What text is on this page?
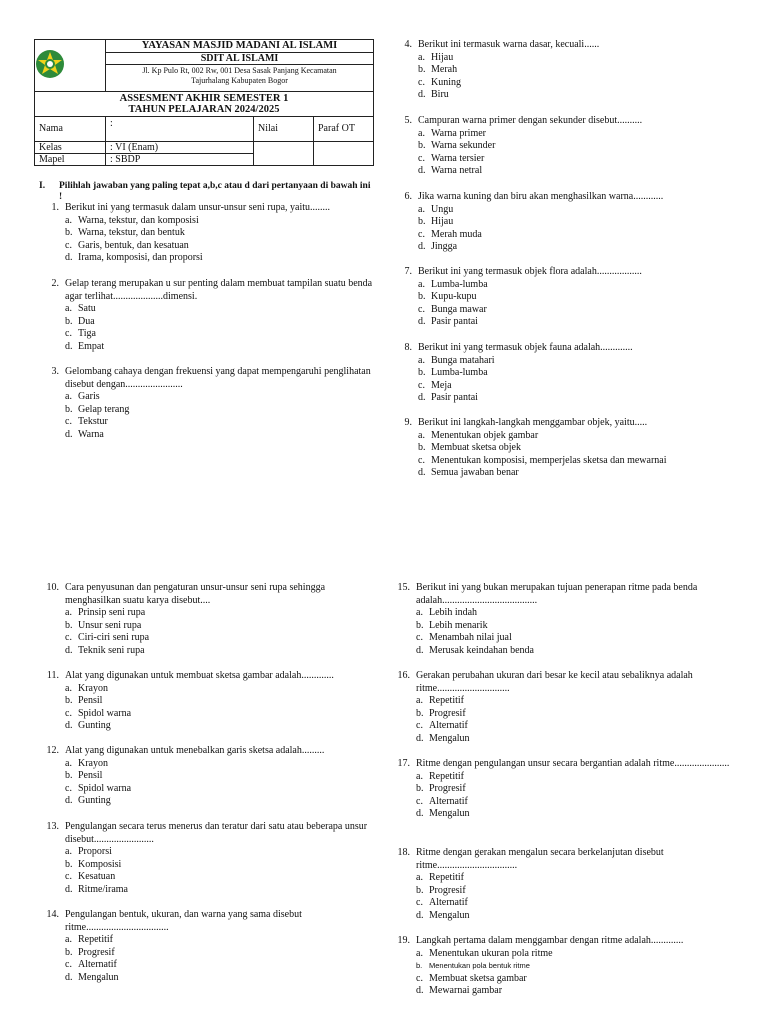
YAYASAN MASJID MADANI AL ISLAMI
SDIT AL ISLAMI
Jl. Kp Pulo Rt, 002 Rw, 001 Desa Sasak Panjang Kecamatan
Tajurhalang Kabupaten Bogor		

ASSESMENT AKHIR SEMESTER 1
TAHUN PELAJARAN 2024/2025			

Nama	:	Nilai	Paraf OT
Kelas	: VI (Enam)		
Mapel	: SBDP		
I. Pilihlah jawaban yang paling tepat a,b,c atau d dari pertanyaan di bawah ini !
1. Berikut ini yang termasuk dalam unsur-unsur seni rupa, yaitu........
a. Warna, tekstur, dan komposisi
b. Warna, tekstur, dan bentuk
c. Garis, bentuk, dan kesatuan
d. Irama, komposisi, dan proporsi
2. Gelap terang merupakan u sur penting dalam membuat tampilan suatu benda agar terlihat....................dimensi.
a. Satu
b. Dua
c. Tiga
d. Empat
3. Gelombang cahaya dengan frekuensi yang dapat mempengaruhi penglihatan disebut dengan.......................
a. Garis
b. Gelap terang
c. Tekstur
d. Warna
4. Berikut ini termasuk warna dasar, kecuali......
a. Hijau
b. Merah
c. Kuning
d. Biru
5. Campuran warna primer dengan sekunder disebut..........
a. Warna primer
b. Warna sekunder
c. Warna tersier
d. Warna netral
6. Jika warna kuning dan biru akan menghasilkan warna............
a. Ungu
b. Hijau
c. Merah muda
d. Jingga
7. Berikut ini yang termasuk objek flora adalah..................
a. Lumba-lumba
b. Kupu-kupu
c. Bunga mawar
d. Pasir pantai
8. Berikut ini yang termasuk objek fauna adalah.............
a. Bunga matahari
b. Lumba-lumba
c. Meja
d. Pasir pantai
9. Berikut ini langkah-langkah menggambar objek, yaitu.....
a. Menentukan objek gambar
b. Membuat sketsa objek
c. Menentukan komposisi, memperjelas sketsa dan mewarnai
d. Semua jawaban benar
10. Cara penyusunan dan pengaturan unsur-unsur seni rupa sehingga menghasilkan suatu karya disebut....
a. Prinsip seni rupa
b. Unsur seni rupa
c. Ciri-ciri seni rupa
d. Teknik seni rupa
11. Alat yang digunakan untuk membuat sketsa gambar adalah.............
a. Krayon
b. Pensil
c. Spidol warna
d. Gunting
12. Alat yang digunakan untuk menebalkan garis sketsa adalah.........
a. Krayon
b. Pensil
c. Spidol warna
d. Gunting
13. Pengulangan secara terus menerus dan teratur dari satu atau beberapa unsur disebut........................
a. Proporsi
b. Komposisi
c. Kesatuan
d. Ritme/irama
14. Pengulangan bentuk, ukuran, dan warna yang sama disebut ritme.................................
a. Repetitif
b. Progresif
c. Alternatif
d. Mengalun
15. Berikut ini yang bukan merupakan tujuan penerapan ritme pada benda adalah......................................
a. Lebih indah
b. Lebih menarik
c. Menambah nilai jual
d. Merusak keindahan benda
16. Gerakan perubahan ukuran dari besar ke kecil atau sebaliknya adalah ritme.............................
a. Repetitif
b. Progresif
c. Alternatif
d. Mengalun
17. Ritme dengan pengulangan unsur secara bergantian adalah ritme......................
a. Repetitif
b. Progresif
c. Alternatif
d. Mengalun
18. Ritme dengan gerakan mengalun secara berkelanjutan disebut ritme................................
a. Repetitif
b. Progresif
c. Alternatif
d. Mengalun
19. Langkah pertama dalam menggambar dengan ritme adalah.............
a. Menentukan ukuran pola ritme
b. Menentukan pola bentuk ritme
c. Membuat sketsa gambar
d. Mewarnai gambar
